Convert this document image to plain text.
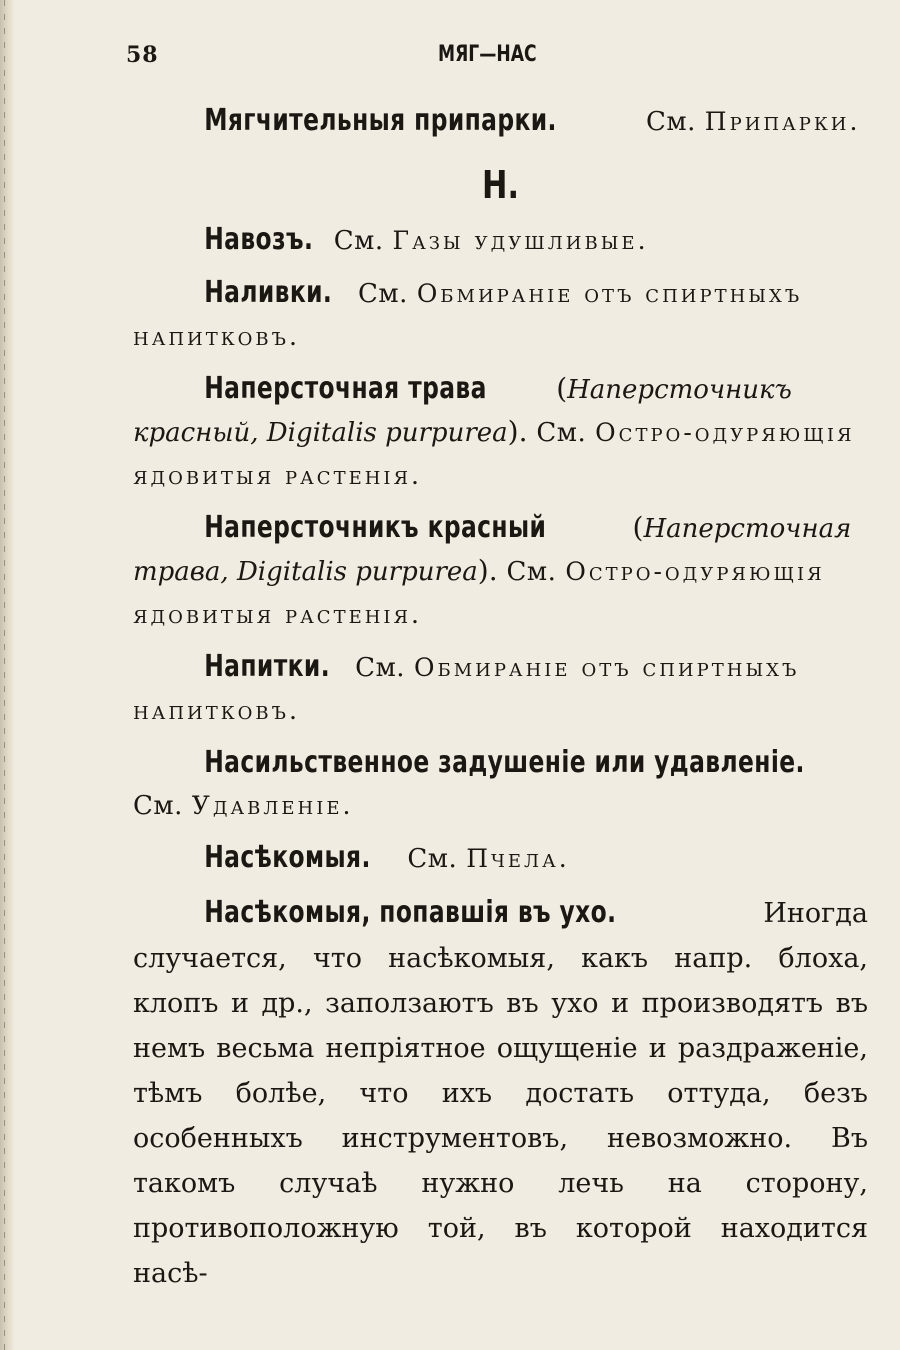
58	МЯГ—НАС

Мягчительныя припарки.	См. Припарки.

Н.

Навозъ. См. Газы удушливые.

Наливки. См. Обмираніе отъ спиртныхъ напитковъ.

Наперсточная трава (Наперсточникъ красный, Digitalis purpurea). См. Остро-одуряющія ядовитыя растенія.

Наперсточникъ красный	(Наперсточная трава, Digitalis purpurea). См. Остро-одуряющія ядовитыя растенія.

Напитки. См. Обмираніе отъ спиртныхъ напитковъ.

Насильственное задушеніе или удавленіе. См. Удавленіе.

Насѣкомыя. См. Пчела.

Насѣкомыя, попавшія въ ухо.	Иногда случается, что насѣкомыя, какъ напр. блоха, клопъ и др., заползаютъ въ ухо и производятъ въ немъ весьма непріятное ощущеніе и раздраженіе, тѣмъ болѣе, что ихъ достать оттуда, безъ особенныхъ инструментовъ, невозможно. Въ такомъ случаѣ нужно лечь на сторону, противоположную той, въ которой находится насѣ-
